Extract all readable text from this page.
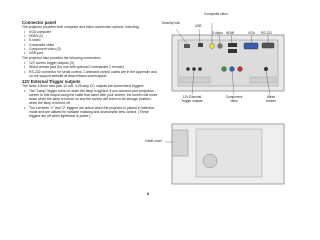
Connector panel

The projector provides both computer and video connection options, including:

• VGA computer
• HDMI (2)
• S-video
• Composite video
• Component video (3)
• USB port

The projector also provides the following connectors:

• 12V screen trigger outputs (3)
• Wired remote jack (for use with optional Commander 2 remote)
• RS-232 connector for serial control. Command control codes are in the Appendix and on our support website at www.infocus.com/support.

12V External Trigger outputs

The three 3.5mm mini-jack 12 volt, 0.25 amp DC outputs are screen/lens triggers:

• The “Lamp” trigger turns on when the lamp is lighted. If you connect your projection screen to this output using the cable that came with your screen, the screen will move down when the lamp is turned on and the screen will return to its storage position, when the lamp is turned off.
• The Lensfree “1” and “2” triggers are active when the projector is placed in letterbox mode and are utilized for variable masking and anamorphic lens control. (These triggers are off when lightbricst is active.)
Security lock
Composite video
USB
S-video HDMI	VGA RS-232
12V External Trigger outputs
Component video
Wired remote
Cable cover
6
